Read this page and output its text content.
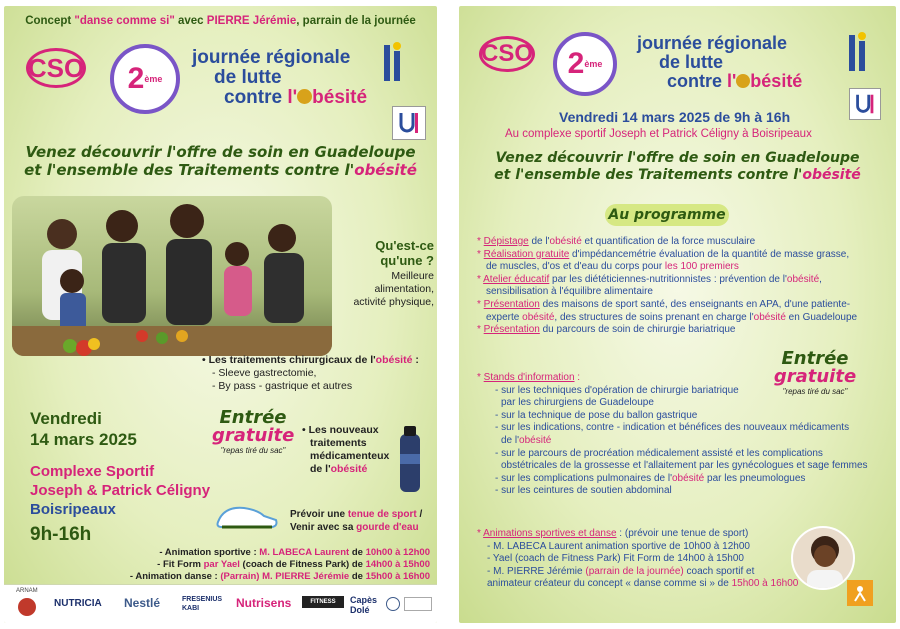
Concept "danse comme si" avec PIERRE Jérémie, parrain de la journée
CSO 2 ème
journée régionale
de lutte
contre l' bésité
Venez découvrir l'offre de soin en Guadeloupe
et l'ensemble des Traitements contre l'obésité
Qu'est-ce qu'une ?
Meilleure alimentation, activité physique,
• Les traitements chirurgicaux de l'obésité :
- Sleeve gastrectomie,
- By pass - gastrique et autres
Entrée
gratuite
"repas tiré du sac"
• Les nouveaux
traitements
médicamenteux
de l'obésité
Vendredi
14 mars 2025
Complexe Sportif
Joseph & Patrick Céligny
Boisripeaux
9h-16h
Prévoir une tenue de sport /
Venir avec sa gourde d'eau
- Animation sportive : M. LABECA Laurent de 10h00 à 12h00
- Fit Form par Yael (coach de Fitness Park) de 14h00 à 15h00
- Animation danse : (Parrain) M. PIERRE Jérémie de 15h00 à 16h00
ARNAM
NUTRICIA Nestlé	FRESENIUS KABI	Nutrisens	FITNESS PARK
Capès Dolé
CSO 2 ème
journée régionale
de lutte
contre l' bésité
Vendredi 14 mars 2025 de 9h à 16h
Au complexe sportif Joseph et Patrick Céligny à Boisripeaux
Venez découvrir l'offre de soin en Guadeloupe
et l'ensemble des Traitements contre l'obésité
Au programme
* Dépistage de l'obésité et quantification de la force musculaire
* Réalisation gratuite d'impédancemétrie évaluation de la quantité de masse grasse,
de muscles, d'os et d'eau du corps pour les 100 premiers
* Atelier éducatif par les diététiciennes-nutritionnistes : prévention de l'obésité,
sensibilisation à l'équilibre alimentaire
* Présentation des maisons de sport santé, des enseignants en APA, d'une patiente-
experte obésité, des structures de soins prenant en charge l'obésité en Guadeloupe
* Présentation du parcours de soin de chirurgie bariatrique
Entrée
gratuite
"repas tiré du sac"
* Stands d'information :
- sur les techniques d'opération de chirurgie bariatrique
par les chirurgiens de Guadeloupe
- sur la technique de pose du ballon gastrique
- sur les indications, contre - indication et bénéfices des nouveaux médicaments
de l'obésité
- sur le parcours de procréation médicalement assisté et les complications
obstétricales de la grossesse et l'allaitement par les gynécologues et sage femmes
- sur les complications pulmonaires de l'obésité par les pneumologues
- sur les ceintures de soutien abdominal
* Animations sportives et danse : (prévoir une tenue de sport)
- M. LABECA Laurent animation sportive de 10h00 à 12h00
- Yael (coach de Fitness Park) Fit Form de 14h00 à 15h00
- M. PIERRE Jérémie (parrain de la journée) coach sportif et
animateur créateur du concept « danse comme si » de 15h00 à 16h00
